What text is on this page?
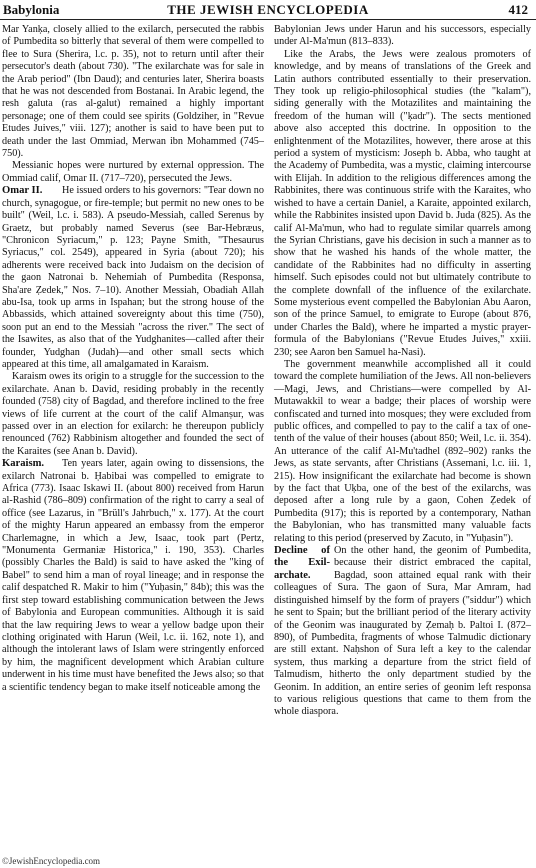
Babylonia	THE JEWISH ENCYCLOPEDIA	412

Mar Yanḳa, closely allied to the exilarch, persecuted the rabbis of Pumbedita so bitterly that several of them were compelled to flee to Sura (Sherira, l.c. p. 35), not to return until after their persecutor's death (about 730). "The exilarchate was for sale in the Arab period" (Ibn Daud); and centuries later, Sherira boasts that he was not descended from Bostanai. In Arabic legend, the resh galuta (ras al-galut) remained a highly important personage; one of them could see spirits (Goldziher, in "Revue Etudes Juives," viii. 127); another is said to have been put to death under the last Ommiad, Merwan ibn Mohammed (745–750).

Messianic hopes were nurtured by external oppression. The Ommiad calif, Omar II. (717–720), persecuted the Jews.

Omar II.	He issued orders to his governors: "Tear down no church, synagogue, or fire-temple; but permit no new ones to be built" (Weil, l.c. i. 583). A pseudo-Messiah, called Serenus by Graetz, but probably named Severus (see Bar-Hebræus, "Chronicon Syriacum," p. 123; Payne Smith, "Thesaurus Syriacus," col. 2549), appeared in Syria (about 720); his adherents were received back into Judaism on the decision of the gaon Natronai b. Nehemiah of Pumbedita (Responsa, Sha'are Ẓedek," Nos. 7–10). Another Messiah, Obadiah Allah abu-Isa, took up arms in Ispahan; but the strong house of the Abbassids, which attained sovereignty about this time (750), soon put an end to the Messiah "across the river." The sect of the Isawites, as also that of the Yudghanites—called after their founder, Yudghan (Judah)—and other small sects which appeared at this time, all amalgamated in Karaism.

Karaism owes its origin to a struggle for the succession to the exilarchate. Anan b. David, residing probably in the recently founded (758) city of Bagdad, and therefore inclined to the free views of life current at the court of the calif Almanṣur, was passed over in an election for exilarch: he thereupon publicly renounced (762) Rabbinism altogether and founded the sect of the Karaites (see Anan b. David).

Karaism.	Ten years later, again owing to dissensions, the exilarch Natronai b. Ḥabibai was compelled to emigrate to Africa (773). Isaac Iskawi II. (about 800) received from Harun al-Rashid (786–809) confirmation of the right to carry a seal of office (see Lazarus, in "Brüll's Jahrbuch," x. 177). At the court of the mighty Harun appeared an embassy from the emperor Charlemagne, in which a Jew, Isaac, took part (Pertz, "Monumenta Germaniæ Historica," i. 190, 353). Charles (possibly Charles the Bald) is said to have asked the "king of Babel" to send him a man of royal lineage; and in response the calif despatched R. Makir to him ("Yuḥasin," 84b); this was the first step toward establishing communication between the Jews of Babylonia and European communities. Although it is said that the law requiring Jews to wear a yellow badge upon their clothing originated with Harun (Weil, l.c. ii. 162, note 1), and although the intolerant laws of Islam were stringently enforced by him, the magnificent development which Arabian culture underwent in his time must have benefited the Jews also; so that a scientific tendency began to make itself noticeable among the

Babylonian Jews under Harun and his successors, especially under Al-Ma'mun (813–833).

Like the Arabs, the Jews were zealous promoters of knowledge, and by means of translations of the Greek and Latin authors contributed essentially to their preservation. They took up religio-philosophical studies (the "kalam"), siding generally with the Motazilites and maintaining the freedom of the human will ("ḳadr"). The sects mentioned above also accepted this doctrine. In opposition to the enlightenment of the Motazilites, however, there arose at this period a system of mysticism: Joseph b. Abba, who taught at the Academy of Pumbedita, was a mystic, claiming intercourse with Elijah. In addition to the religious differences among the Rabbinites, there was continuous strife with the Karaites, who wished to have a certain Daniel, a Karaite, appointed exilarch, while the Rabbinites insisted upon David b. Juda (825). As the calif Al-Ma'mun, who had to regulate similar quarrels among the Syrian Christians, gave his decision in such a manner as to show that he washed his hands of the whole matter, the candidate of the Rabbinites had no difficulty in asserting himself. Such episodes could not but ultimately contribute to the complete downfall of the influence of the exilarchate. Some mysterious event compelled the Babylonian Abu Aaron, son of the prince Samuel, to emigrate to Europe (about 876, under Charles the Bald), where he imparted a mystic prayer-formula of the Babylonians ("Revue Etudes Juives," xxiii. 230; see Aaron ben Samuel ha-Nasi).

The government meanwhile accomplished all it could toward the complete humiliation of the Jews. All non-believers—Magi, Jews, and Christians—were compelled by Al-Mutawakkil to wear a badge; their places of worship were confiscated and turned into mosques; they were excluded from public offices, and compelled to pay to the calif a tax of one-tenth of the value of their houses (about 850; Weil, l.c. ii. 354). An utterance of the calif Al-Mu'tadhel (892–902) ranks the Jews, as state servants, after Christians (Assemani, l.c. iii. 1, 215). How insignificant the exilarchate had become is shown by the fact that Uḳba, one of the best of the exilarchs, was deposed after a long rule by a gaon, Cohen Ẓedek of Pumbedita (917); this is reported by a contemporary, Nathan the Babylonian, who has transmitted many valuable facts relating to this period (preserved by Zacuto, in "Yuḥasin").

Decline of the Exil-archate.
On the other hand, the geonim of Pumbedita, because their district embraced the capital, Bagdad, soon attained equal rank with their colleagues of Sura. The gaon of Sura, Mar Amram, had distinguished himself by the form of prayers ("siddur") which he sent to Spain; but the brilliant period of the literary activity of the Geonim was inaugurated by Ẓemaḥ b. Paltoi I. (872–890), of Pumbedita, fragments of whose Talmudic dictionary are still extant. Naḥshon of Sura left a key to the calendar system, thus marking a departure from the strict field of Talmudism, hitherto the only department studied by the Geonim. In addition, an entire series of geonim left responsa to various religious questions that came to them from the whole diaspora.

©JewishEncyclopedia.com
